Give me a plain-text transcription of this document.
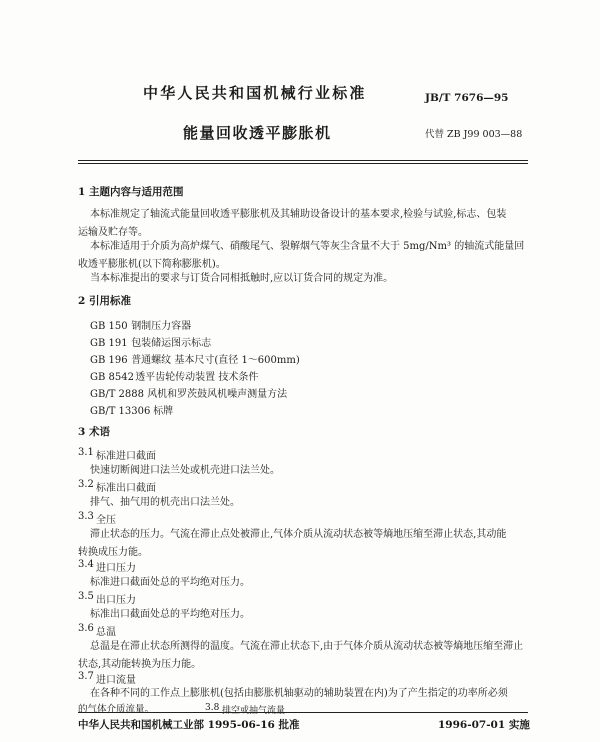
中华人民共和国机械行业标准	JB/T 7676—95
能量回收透平膨胀机	代替 ZB J99 003—88
1 主题内容与适用范围
本标准规定了轴流式能量回收透平膨胀机及其辅助设备设计的基本要求,检验与试验,标志、包装
运输及贮存等。
本标准适用于介质为高炉煤气、硝酸尾气、裂解烟气等灰尘含量不大于 5mg/Nm³ 的轴流式能量回
收透平膨胀机(以下简称膨胀机)。
当本标准提出的要求与订货合同相抵触时,应以订货合同的规定为准。
2 引用标准
GB 150 钢制压力容器
GB 191 包装储运图示标志
GB 196 普通螺纹 基本尺寸(直径 1～600mm)
GB 8542 透平齿轮传动装置 技术条件
GB/T 2888 风机和罗茨鼓风机噪声测量方法
GB/T 13306 标牌
3 术语
3.1 标准进口截面
快速切断阀进口法兰处或机壳进口法兰处。
3.2 标准出口截面
排气、抽气用的机壳出口法兰处。
3.3 全压
滞止状态的压力。气流在滞止点处被滞止,气体介质从流动状态被等熵地压缩至滞止状态,其动能
转换成压力能。
3.4 进口压力
标准进口截面处总的平均绝对压力。
3.5 出口压力
标准出口截面处总的平均绝对压力。
3.6 总温
总温是在滞止状态所测得的温度。气流在滞止状态下,由于气体介质从流动状态被等熵地压缩至滞止
状态,其动能转换为压力能。
3.7 进口流量
在各种不同的工作点上膨胀机(包括由膨胀机轴驱动的辅助装置在内)为了产生指定的功率所必须
的气体介质流量。	3.8 排空或抽气流量
中华人民共和国机械工业部 1995-06-16 批准	1996-07-01 实施
